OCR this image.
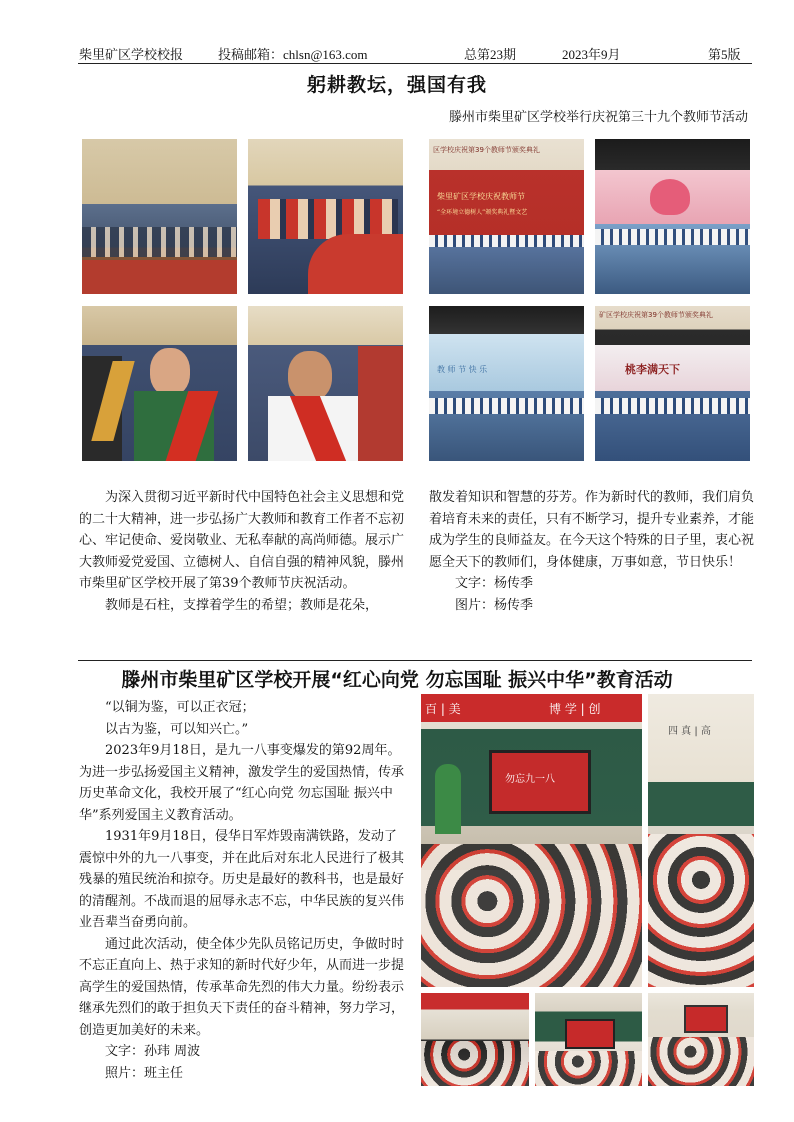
柴里矿区学校校报	投稿邮箱：chlsn@163.com	总第23期	2023年9月	第5版
躬耕教坛，强国有我
滕州市柴里矿区学校举行庆祝第三十九个教师节活动
区学校庆祝第39个教师节颁奖典礼
柴里矿区学校庆祝教师节
“全环境立德树人”颁奖典礼暨文艺
教 师 节 快 乐
矿区学校庆祝第39个教师节颁奖典礼
桃李满天下

为深入贯彻习近平新时代中国特色社会主义思想和党的二十大精神，进一步弘扬广大教师和教育工作者不忘初心、牢记使命、爱岗敬业、无私奉献的高尚师德。展示广大教师爱党爱国、立德树人、自信自强的精神风貌，滕州市柴里矿区学校开展了第39个教师节庆祝活动。

教师是石柱，支撑着学生的希望；教师是花朵，

散发着知识和智慧的芬芳。作为新时代的教师，我们肩负着培育未来的责任，只有不断学习，提升专业素养，才能成为学生的良师益友。在今天这个特殊的日子里，衷心祝愿全天下的教师们，身体健康，万事如意，节日快乐！

文字：杨传季

图片：杨传季

滕州市柴里矿区学校开展“红心向党 勿忘国耻 振兴中华”教育活动

“以铜为鉴，可以正衣冠；

以古为鉴，可以知兴亡。”

2023年9月18日，是九一八事变爆发的第92周年。为进一步弘扬爱国主义精神，激发学生的爱国热情，传承历史革命文化，我校开展了“红心向党 勿忘国耻 振兴中华”系列爱国主义教育活动。

1931年9月18日，侵华日军炸毁南满铁路，发动了震惊中外的九一八事变，并在此后对东北人民进行了极其残暴的殖民统治和掠夺。历史是最好的教科书，也是最好的清醒剂。不战而退的屈辱永志不忘，中华民族的复兴伟业吾辈当奋勇向前。

通过此次活动，使全体少先队员铭记历史，争做时时不忘正直向上、热于求知的新时代好少年，从而进一步提高学生的爱国热情，传承革命先烈的伟大力量。纷纷表示继承先烈们的敢于担负天下责任的奋斗精神，努力学习，创造更加美好的未来。

文字：孙玮 周波

照片：班主任

百 | 美	博 学 | 创
勿忘九一八
四 真 | 高
